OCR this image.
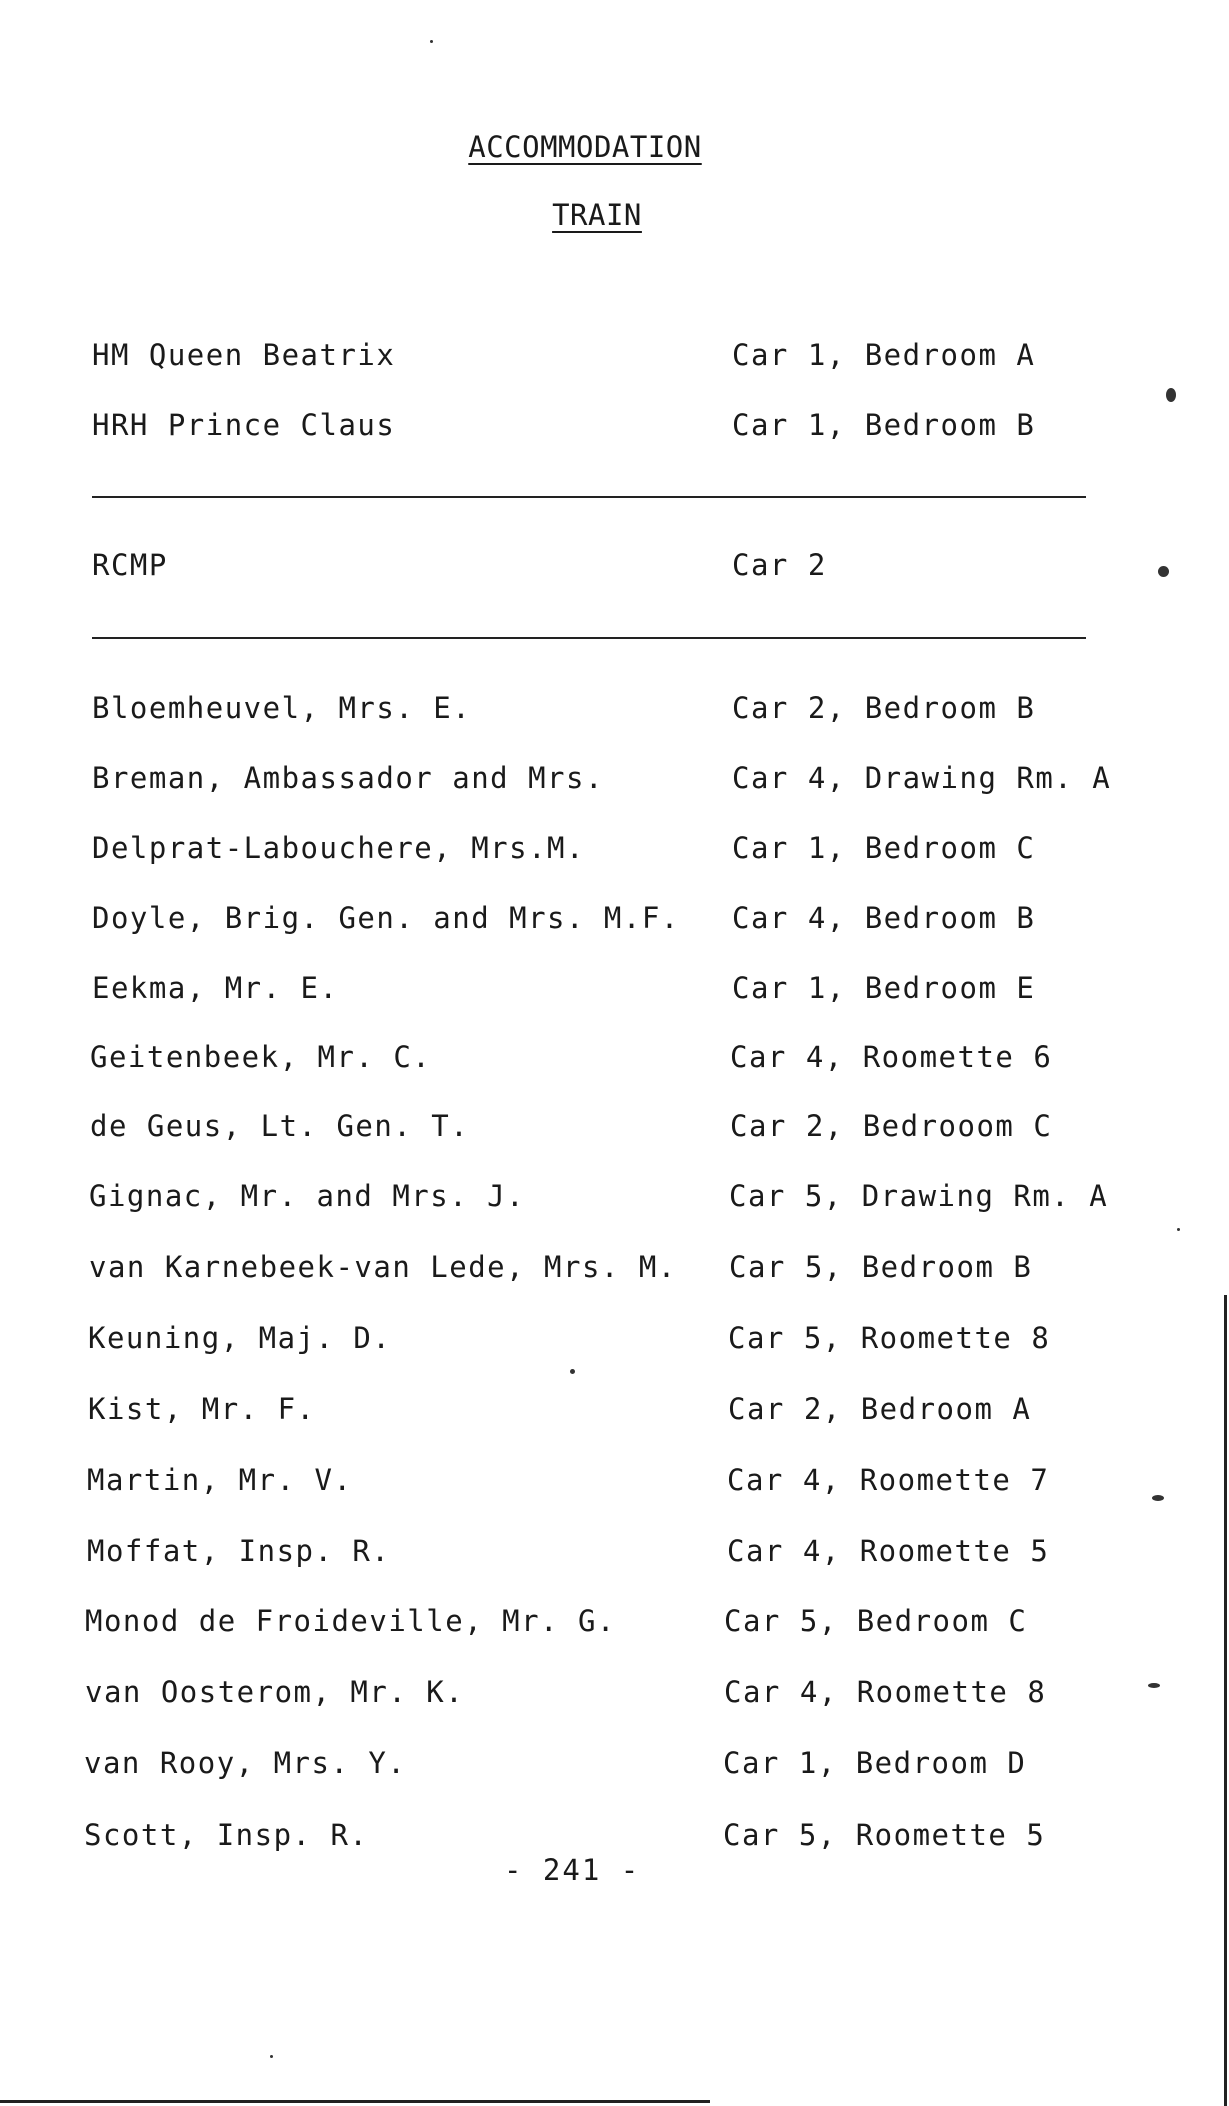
ACCOMMODATION
TRAIN
HM Queen Beatrix	Car 1, Bedroom A
HRH Prince Claus	Car 1, Bedroom B
RCMP	Car 2
Bloemheuvel, Mrs. E.	Car 2, Bedroom B
Breman, Ambassador and Mrs.	Car 4, Drawing Rm. A
Delprat-Labouchere, Mrs.M.	Car 1, Bedroom C
Doyle, Brig. Gen. and Mrs. M.F. Car 4, Bedroom B
Eekma, Mr. E.	Car 1, Bedroom E
Geitenbeek, Mr. C.	Car 4, Roomette 6
de Geus, Lt. Gen. T.	Car 2, Bedrooom C
Gignac, Mr. and Mrs. J.	Car 5, Drawing Rm. A
van Karnebeek-van Lede, Mrs. M. Car 5, Bedroom B
Keuning, Maj. D.	Car 5, Roomette 8
Kist, Mr. F.	Car 2, Bedroom A
Martin, Mr. V.	Car 4, Roomette 7
Moffat, Insp. R.	Car 4, Roomette 5
Monod de Froideville, Mr. G.	Car 5, Bedroom C
van Oosterom, Mr. K.	Car 4, Roomette 8
van Rooy, Mrs. Y.	Car 1, Bedroom D
Scott, Insp. R.	Car 5, Roomette 5
- 241 -
